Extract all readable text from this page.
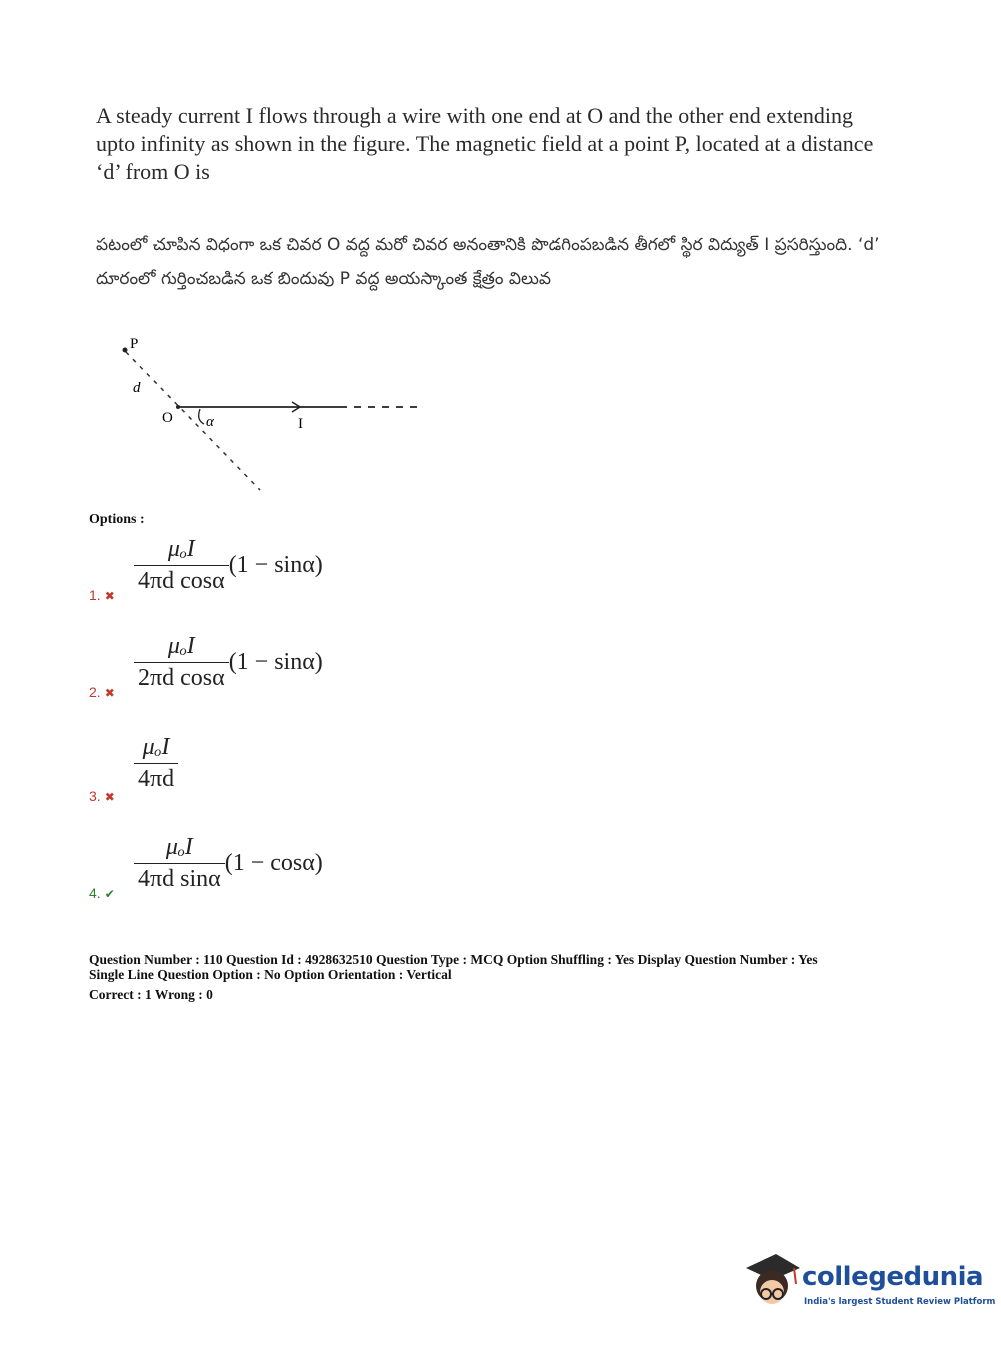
A steady current I flows through a wire with one end at O and the other end extending upto infinity as shown in the figure. The magnetic field at a point P, located at a distance ‘d’ from O is

పటంలో చూపిన విధంగా ఒక చివర O వద్ద మరో చివర అనంతానికి పొడగింపబడిన తీగలో స్థిర విద్యుత్ I ప్రసరిస్తుంది. ‘d’ దూరంలో గుర్తించబడిన ఒక బిందువు P వద్ద అయస్కాంత క్షేత్రం విలువ

P
d
O	I
α
Options :
$\frac{\text{μₒI}}{\text{4πd cosα}} (1 - \sin\alpha)$
1. ✖
$\frac{\text{μₒI}}{\text{2πd cosα}} (1 - \sin\alpha)$
2. ✖
$\frac{\text{μₒI}}{4\pi d}$
3. ✖
$\frac{\text{μₒI}}{\text{4πd sinα}} (1 - \cos\alpha)$
4. ✔
Question Number : 110 Question Id : 4928632510 Question Type : MCQ Option Shuffling : Yes Display Question Number : Yes
Single Line Question Option : No Option Orientation : Vertical
Correct : 1 Wrong : 0
collegedunia
India's largest Student Review Platform
